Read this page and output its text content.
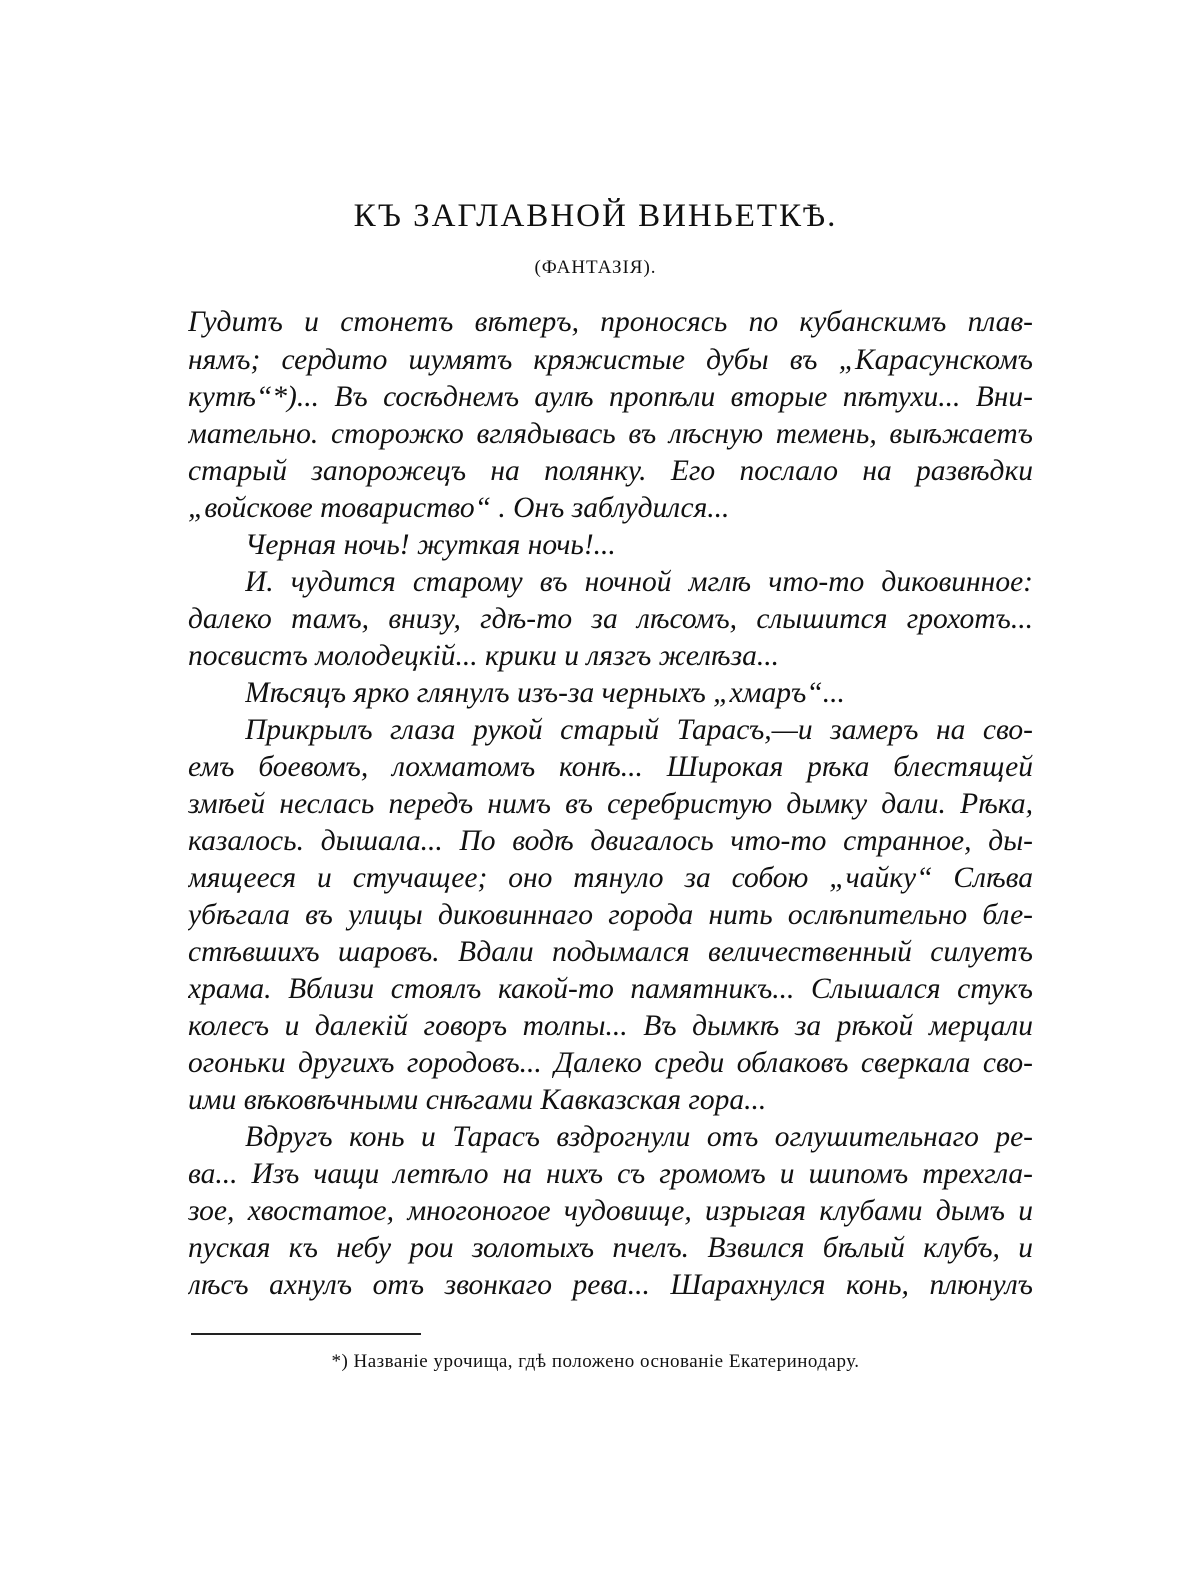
КЪ ЗАГЛАВНОЙ ВИНЬЕТКѢ.
(ФАНТАЗІЯ).
Гудитъ и стонетъ вѣтеръ, проносясь по кубанскимъ плав-
нямъ; сердито шумятъ кряжистые дубы въ „Карасунскомъ
кутѣ“*)... Въ сосѣднемъ аулѣ пропѣли вторые пѣтухи... Вни-
мательно. сторожко вглядывась въ лѣсную темень, выѣжаетъ
старый запорожецъ на полянку. Его послало на развѣдки
„войскове товариство“ . Онъ заблудился...
Черная ночь! жуткая ночь!...
И. чудится старому въ ночной мглѣ что-то диковинное:
далеко тамъ, внизу, гдѣ-то за лѣсомъ, слышится грохотъ...
посвистъ молодецкій... крики и лязгъ желѣза...
Мѣсяцъ ярко глянулъ изъ-за черныхъ „хмаръ“...
Прикрылъ глаза рукой старый Тарасъ,—и замеръ на сво-
емъ боевомъ, лохматомъ конѣ... Широкая рѣка блестящей
змѣей неслась передъ нимъ въ серебристую дымку дали. Рѣка,
казалось. дышала... По водѣ двигалось что-то странное, ды-
мящееся и стучащее; оно тянуло за собою „чайку“ Слѣва
убѣгала въ улицы диковиннаго города нить ослѣпительно бле-
стѣвшихъ шаровъ. Вдали подымался величественный силуетъ
храма. Вблизи стоялъ какой-то памятникъ... Слышался стукъ
колесъ и далекій говоръ толпы... Въ дымкѣ за рѣкой мерцали
огоньки другихъ городовъ... Далеко среди облаковъ сверкала сво-
ими вѣковѣчными снѣгами Кавказская гора...
Вдругъ конь и Тарасъ вздрогнули отъ оглушительнаго ре-
ва... Изъ чащи летѣло на нихъ съ громомъ и шипомъ трехгла-
зое, хвостатое, многоногое чудовище, изрыгая клубами дымъ и
пуская къ небу рои золотыхъ пчелъ. Взвился бѣлый клубъ, и
лѣсъ ахнулъ отъ звонкаго рева... Шарахнулся конь, плюнулъ
*) Названіе урочища, гдѣ положено основаніе Екатеринодару.
